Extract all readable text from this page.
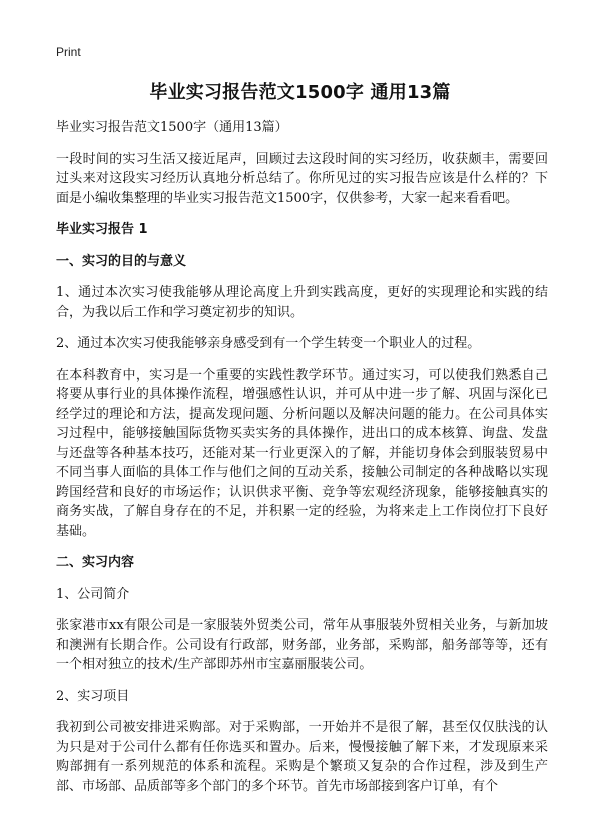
Print
毕业实习报告范文1500字 通用13篇
毕业实习报告范文1500字（通用13篇）
一段时间的实习生活又接近尾声，回顾过去这段时间的实习经历，收获颇丰，需要回过头来对这段实习经历认真地分析总结了。你所见过的实习报告应该是什么样的？下面是小编收集整理的毕业实习报告范文1500字，仅供参考，大家一起来看看吧。
毕业实习报告 1
一、实习的目的与意义
1、通过本次实习使我能够从理论高度上升到实践高度，更好的实现理论和实践的结合，为我以后工作和学习奠定初步的知识。
2、通过本次实习使我能够亲身感受到有一个学生转变一个职业人的过程。
在本科教育中，实习是一个重要的实践性教学环节。通过实习，可以使我们熟悉自己将要从事行业的具体操作流程，增强感性认识，并可从中进一步了解、巩固与深化已经学过的理论和方法，提高发现问题、分析问题以及解决问题的能力。在公司具体实习过程中，能够接触国际货物买卖实务的具体操作，进出口的成本核算、询盘、发盘与还盘等各种基本技巧，还能对某一行业更深入的了解，并能切身体会到服装贸易中不同当事人面临的具体工作与他们之间的互动关系，接触公司制定的各种战略以实现跨国经营和良好的市场运作；认识供求平衡、竞争等宏观经济现象，能够接触真实的商务实战，了解自身存在的不足，并积累一定的经验，为将来走上工作岗位打下良好基础。
二、实习内容
1、公司简介
张家港市xx有限公司是一家服装外贸类公司，常年从事服装外贸相关业务，与新加坡和澳洲有长期合作。公司设有行政部，财务部，业务部，采购部，船务部等等，还有一个相对独立的技术/生产部即苏州市宝嘉丽服装公司。
2、实习项目
我初到公司被安排进采购部。对于采购部，一开始并不是很了解，甚至仅仅肤浅的认为只是对于公司什么都有任你选买和置办。后来，慢慢接触了解下来，才发现原来采购部拥有一系列规范的体系和流程。采购是个繁琐又复杂的合作过程，涉及到生产部、市场部、品质部等多个部门的多个环节。首先市场部接到客户订单，有个
